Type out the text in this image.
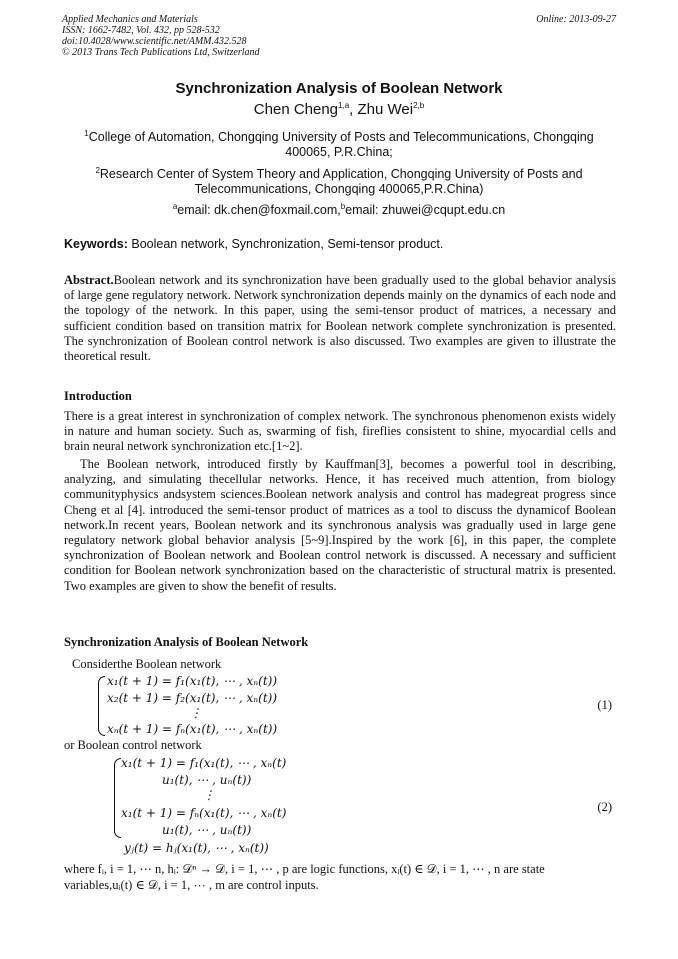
Applied Mechanics and Materials
ISSN: 1662-7482, Vol. 432, pp 528-532
doi:10.4028/www.scientific.net/AMM.432.528
© 2013 Trans Tech Publications Ltd, Switzerland
Online: 2013-09-27
Synchronization Analysis of Boolean Network
Chen Cheng$^{1,a}$, Zhu Wei$^{2,b}$
$^1$College of Automation, Chongqing University of Posts and Telecommunications, Chongqing 400065, P.R.China;
$^2$Research Center of System Theory and Application, Chongqing University of Posts and Telecommunications, Chongqing 400065,P.R.China)
$^a$email: dk.chen@foxmail.com,$^b$email: zhuwei@cqupt.edu.cn
Keywords: Boolean network, Synchronization, Semi-tensor product.
Abstract.Boolean network and its synchronization have been gradually used to the global behavior analysis of large gene regulatory network. Network synchronization depends mainly on the dynamics of each node and the topology of the network. In this paper, using the semi-tensor product of matrices, a necessary and sufficient condition based on transition matrix for Boolean network complete synchronization is presented. The synchronization of Boolean control network is also discussed. Two examples are given to illustrate the theoretical result.
Introduction
There is a great interest in synchronization of complex network. The synchronous phenomenon exists widely in nature and human society. Such as, swarming of fish, fireflies consistent to shine, myocardial cells and brain neural network synchronization etc.[1~2].
The Boolean network, introduced firstly by Kauffman[3], becomes a powerful tool in describing, analyzing, and simulating thecellular networks. Hence, it has received much attention, from biology communityphysics andsystem sciences.Boolean network analysis and control has madegreat progress since Cheng et al [4]. introduced the semi-tensor product of matrices as a tool to discuss the dynamicof Boolean network.In recent years, Boolean network and its synchronous analysis was gradually used in large gene regulatory network global behavior analysis [5~9].Inspired by the work [6], in this paper, the complete synchronization of Boolean network and Boolean control network is discussed. A necessary and sufficient condition for Boolean network synchronization based on the characteristic of structural matrix is presented. Two examples are given to show the benefit of results.
Synchronization Analysis of Boolean Network
Considerthe Boolean network
x₁(t + 1) = f₁(x₁(t), ⋯ , xₙ(t))
x₂(t + 1) = f₂(x₁(t), ⋯ , xₙ(t))
⋮
xₙ(t + 1) = fₙ(x₁(t), ⋯ , xₙ(t))
(1)
or Boolean control network
x₁(t + 1) = f₁(x₁(t), ⋯ , xₙ(t)
u₁(t), ⋯ , uₙ(t))
⋮
x₁(t + 1) = fₙ(x₁(t), ⋯ , xₙ(t)
u₁(t), ⋯ , uₙ(t))
yⱼ(t) = hⱼ(x₁(t), ⋯ , xₙ(t))
(2)
where fᵢ, i = 1, ⋯ n, hᵢ: 𝒟ⁿ → 𝒟, i = 1, ⋯ , p are logic functions, xᵢ(t) ∈ 𝒟, i = 1, ⋯ , n are state
variables,uᵢ(t) ∈ 𝒟, i = 1, ⋯ , m are control inputs.
